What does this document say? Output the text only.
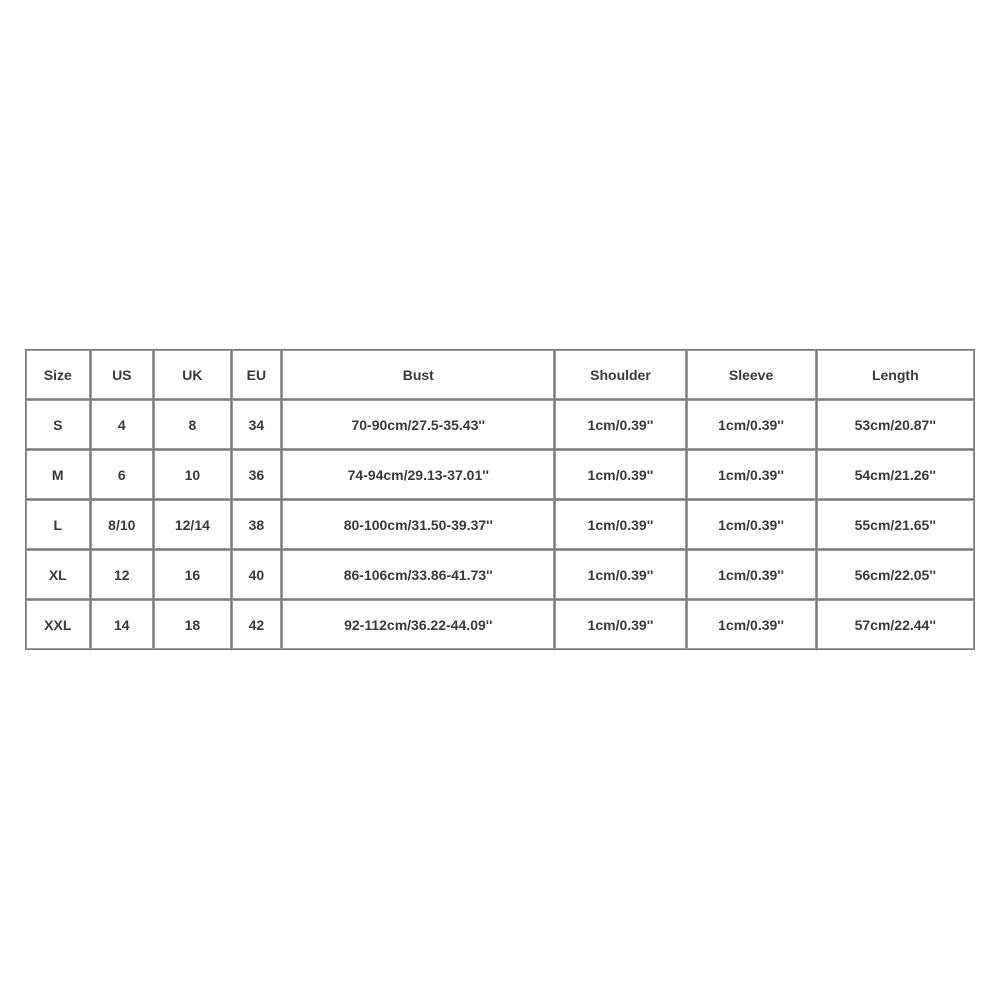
Size	US	UK	EU	Bust	Shoulder	Sleeve	Length
S	4	8	34	70-90cm/27.5-35.43''	1cm/0.39''	1cm/0.39''	53cm/20.87''
M	6	10	36	74-94cm/29.13-37.01''	1cm/0.39''	1cm/0.39''	54cm/21.26''
L	8/10	12/14	38	80-100cm/31.50-39.37''	1cm/0.39''	1cm/0.39''	55cm/21.65''
XL	12	16	40	86-106cm/33.86-41.73''	1cm/0.39''	1cm/0.39''	56cm/22.05''
XXL	14	18	42	92-112cm/36.22-44.09''	1cm/0.39''	1cm/0.39''	57cm/22.44''
